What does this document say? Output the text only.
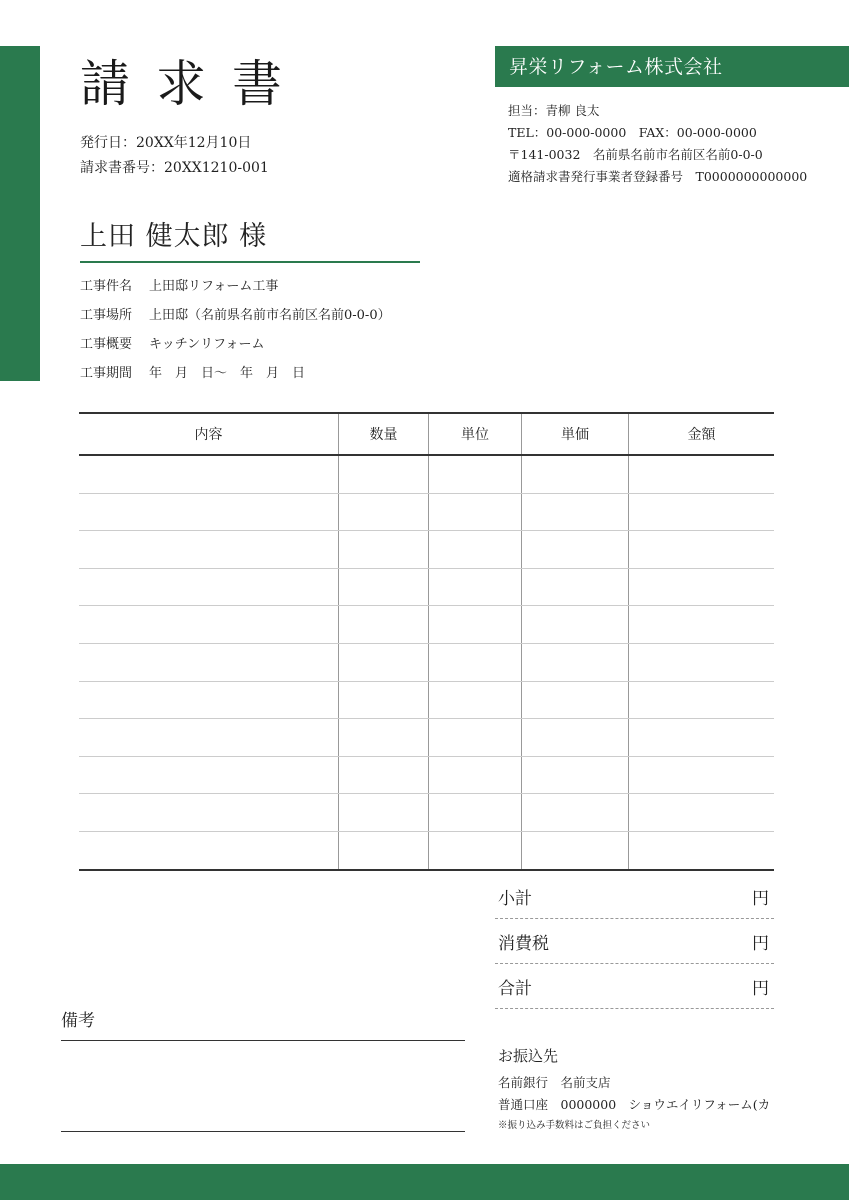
請求書
発行日：20XX年12月10日
請求書番号：20XX1210-001
昇栄リフォーム株式会社
担当：青柳 良太
TEL：00-000-0000　FAX：00-000-0000
〒141-0032　名前県名前市名前区名前0-0-0
適格請求書発行事業者登録番号　T0000000000000
上田 健太郎 様
工事件名 上田邸リフォーム工事
工事場所 上田邸（名前県名前市名前区名前0-0-0）
工事概要 キッチンリフォーム
工事期間 年　月　日〜　年　月　日
内容	数量	単位	単価	金額

小計	円
消費税	円
合計	円
備考
お振込先
名前銀行　名前支店
普通口座　0000000　ショウエイリフォーム(カ
※振り込み手数料はご負担ください
